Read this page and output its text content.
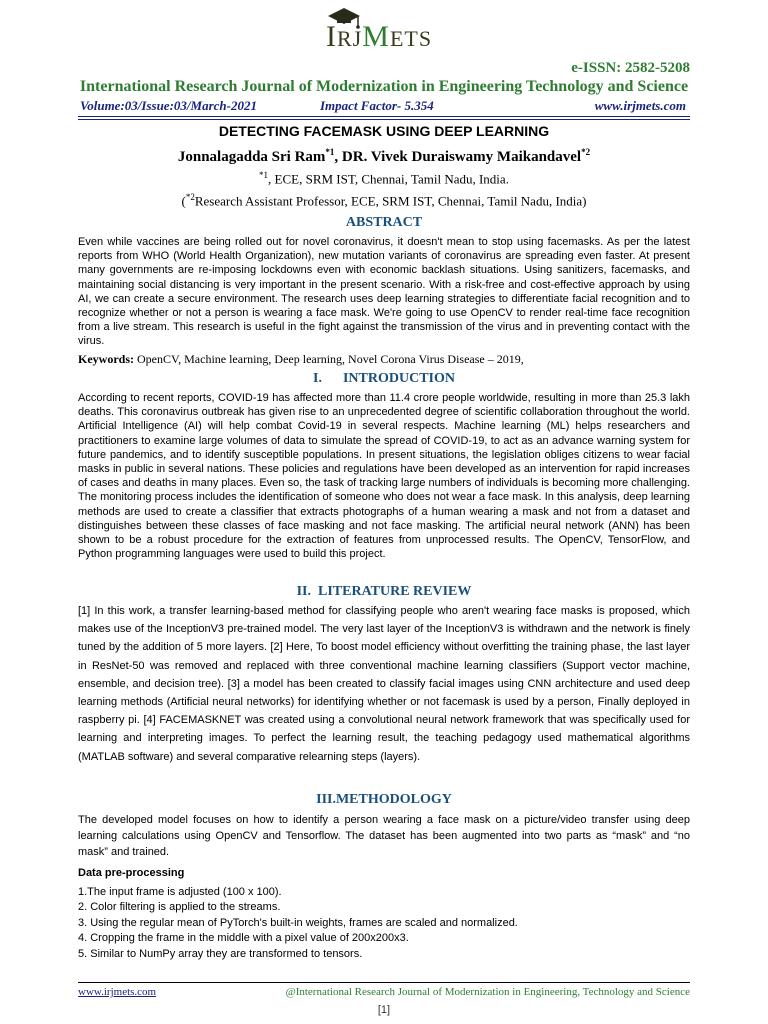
IRJMETS
e-ISSN: 2582-5208
International Research Journal of Modernization in Engineering Technology and Science
Volume:03/Issue:03/March-2021	Impact Factor- 5.354	www.irjmets.com
DETECTING FACEMASK USING DEEP LEARNING
Jonnalagadda Sri Ram$^{*1}$, DR. Vivek Duraiswamy Maikandavel$^{*2}$
$^{*1}$, ECE, SRM IST, Chennai, Tamil Nadu, India.
($^{*2}$Research Assistant Professor, ECE, SRM IST, Chennai, Tamil Nadu, India)
ABSTRACT
Even while vaccines are being rolled out for novel coronavirus, it doesn't mean to stop using facemasks. As per the latest reports from WHO (World Health Organization), new mutation variants of coronavirus are spreading even faster. At present many governments are re-imposing lockdowns even with economic backlash situations. Using sanitizers, facemasks, and maintaining social distancing is very important in the present scenario. With a risk-free and cost-effective approach by using AI, we can create a secure environment. The research uses deep learning strategies to differentiate facial recognition and to recognize whether or not a person is wearing a face mask. We're going to use OpenCV to render real-time face recognition from a live stream. This research is useful in the fight against the transmission of the virus and in preventing contact with the virus.
Keywords: OpenCV, Machine learning, Deep learning, Novel Corona Virus Disease – 2019,
I.      INTRODUCTION
According to recent reports, COVID-19 has affected more than 11.4 crore people worldwide, resulting in more than 25.3 lakh deaths. This coronavirus outbreak has given rise to an unprecedented degree of scientific collaboration throughout the world. Artificial Intelligence (AI) will help combat Covid-19 in several respects. Machine learning (ML) helps researchers and practitioners to examine large volumes of data to simulate the spread of COVID-19, to act as an advance warning system for future pandemics, and to identify susceptible populations. In present situations, the legislation obliges citizens to wear facial masks in public in several nations. These policies and regulations have been developed as an intervention for rapid increases of cases and deaths in many places. Even so, the task of tracking large numbers of individuals is becoming more challenging. The monitoring process includes the identification of someone who does not wear a face mask. In this analysis, deep learning methods are used to create a classifier that extracts photographs of a human wearing a mask and not from a dataset and distinguishes between these classes of face masking and not face masking. The artificial neural network (ANN) has been shown to be a robust procedure for the extraction of features from unprocessed results. The OpenCV, TensorFlow, and Python programming languages were used to build this project.
II.  LITERATURE REVIEW
[1] In this work, a transfer learning-based method for classifying people who aren't wearing face masks is proposed, which makes use of the InceptionV3 pre-trained model. The very last layer of the InceptionV3 is withdrawn and the network is finely tuned by the addition of 5 more layers. [2] Here, To boost model efficiency without overfitting the training phase, the last layer in ResNet-50 was removed and replaced with three conventional machine learning classifiers (Support vector machine, ensemble, and decision tree). [3] a model has been created to classify facial images using CNN architecture and used deep learning methods (Artificial neural networks) for identifying whether or not facemask is used by a person, Finally deployed in raspberry pi. [4] FACEMASKNET was created using a convolutional neural network framework that was specifically used for learning and interpreting images. To perfect the learning result, the teaching pedagogy used mathematical algorithms (MATLAB software) and several comparative relearning steps (layers).
III.METHODOLOGY
The developed model focuses on how to identify a person wearing a face mask on a picture/video transfer using deep learning calculations using OpenCV and Tensorflow. The dataset has been augmented into two parts as “mask” and “no mask” and trained.
Data pre-processing
1.The input frame is adjusted (100 x 100).
2. Color filtering is applied to the streams.
3. Using the regular mean of PyTorch's built-in weights, frames are scaled and normalized.
4. Cropping the frame in the middle with a pixel value of 200x200x3.
5. Similar to NumPy array they are transformed to tensors.
www.irjmets.com	@International Research Journal of Modernization in Engineering, Technology and Science
[1]
